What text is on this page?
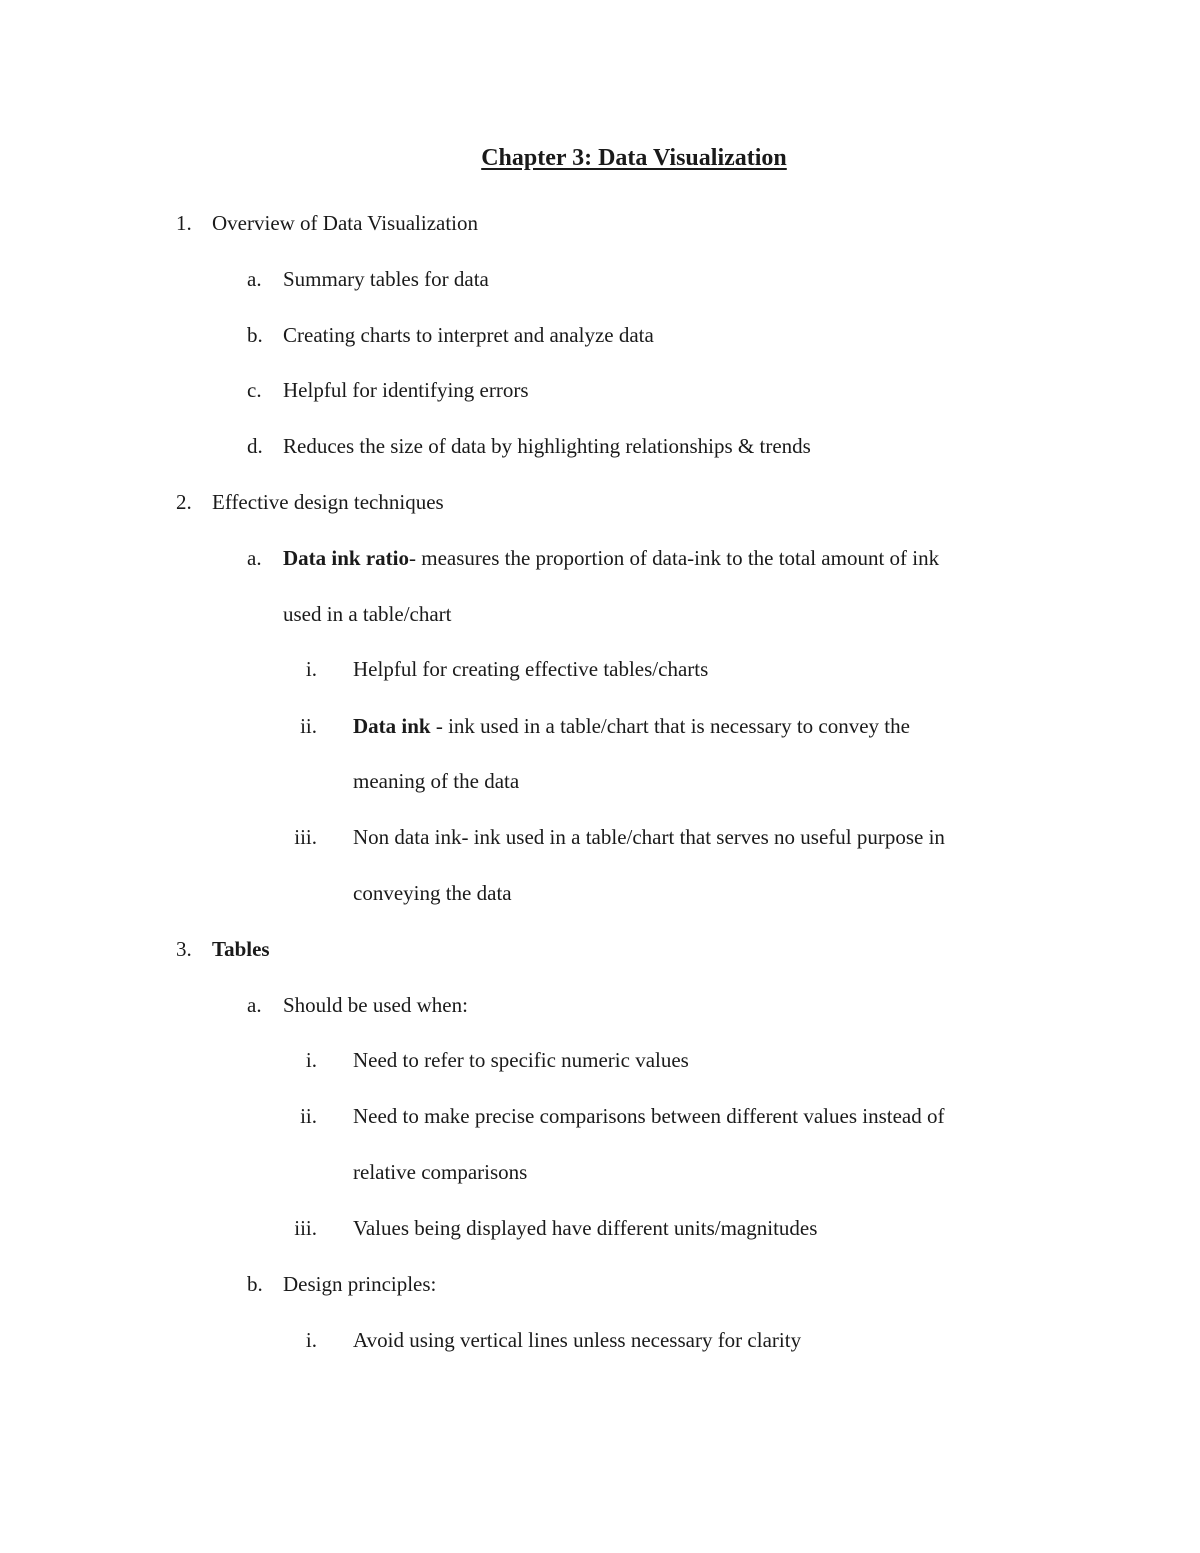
Chapter 3: Data Visualization
1. Overview of Data Visualization
a. Summary tables for data
b. Creating charts to interpret and analyze data
c. Helpful for identifying errors
d. Reduces the size of data by highlighting relationships & trends
2. Effective design techniques
a. Data ink ratio- measures the proportion of data-ink to the total amount of ink
used in a table/chart
i. Helpful for creating effective tables/charts
ii. Data ink - ink used in a table/chart that is necessary to convey the
meaning of the data
iii. Non data ink- ink used in a table/chart that serves no useful purpose in
conveying the data
3. Tables
a. Should be used when:
i. Need to refer to specific numeric values
ii. Need to make precise comparisons between different values instead of
relative comparisons
iii. Values being displayed have different units/magnitudes
b. Design principles:
i. Avoid using vertical lines unless necessary for clarity
